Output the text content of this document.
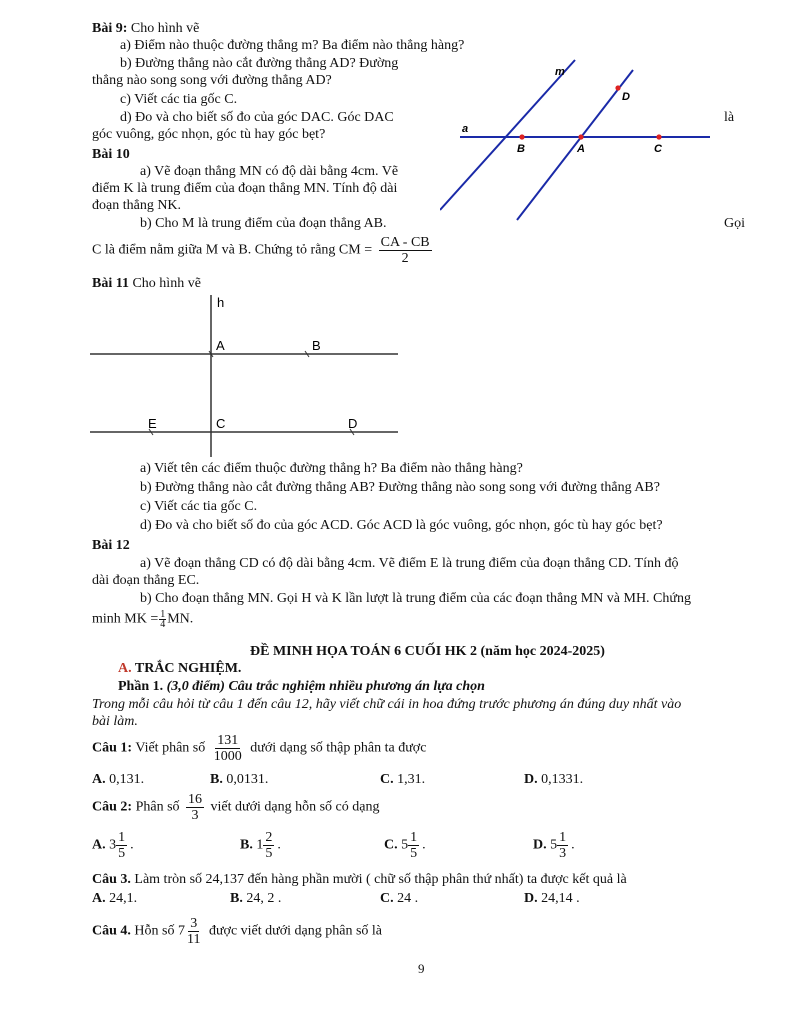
Bài 9: Cho hình vẽ
a) Điểm nào thuộc đường thẳng m? Ba điểm nào thẳng hàng?
b) Đường thẳng nào cắt đường thẳng AD? Đường
thẳng nào song song với đường thẳng AD?
c) Viết các tia gốc C.
d) Đo và cho biết số đo của góc DAC. Góc DAC	là
góc vuông, góc nhọn, góc tù hay góc bẹt?
m
a
B	A	C
D
Bài 10
a) Vẽ đoạn thẳng MN có độ dài bằng 4cm. Vẽ
điểm K là trung điểm của đoạn thẳng MN. Tính độ dài
đoạn thẳng NK.
b) Cho M là trung điểm của đoạn thẳng AB.	Gọi
C là điểm nằm giữa M và B. Chứng tỏ rằng CM = $\frac{CA - CB}{2}$
Bài 11 Cho hình vẽ
h
A	B
E	C	D
a) Viết tên các điểm thuộc đường thẳng h? Ba điểm nào thẳng hàng?
b) Đường thẳng nào cắt đường thẳng AB? Đường thẳng nào song song với đường thẳng AB?
c) Viết các tia gốc C.
d) Đo và cho biết số đo của góc ACD. Góc ACD là góc vuông, góc nhọn, góc tù hay góc bẹt?
Bài 12
a) Vẽ đoạn thẳng CD có độ dài bằng 4cm. Vẽ điểm E là trung điểm của đoạn thẳng CD. Tính độ
dài đoạn thẳng EC.
b) Cho đoạn thẳng MN. Gọi H và K lần lượt là trung điểm của các đoạn thẳng MN và MH. Chứng
minh MK = $\frac{1}{4}$ MN.
ĐỀ MINH HỌA TOÁN 6 CUỐI HK 2 (năm học 2024-2025)
A. TRẮC NGHIỆM.
Phần 1. (3,0 điểm) Câu trắc nghiệm nhiều phương án lựa chọn
Trong mỗi câu hỏi từ câu 1 đến câu 12, hãy viết chữ cái in hoa đứng trước phương án đúng duy nhất vào
bài làm.
Câu 1: Viết phân số $\frac{131}{1000}$ dưới dạng số thập phân ta được
A. 0,131.	B. 0,0131.	C. 1,31.	D. 0,1331.
Câu 2: Phân số $\frac{16}{3}$ viết dưới dạng hỗn số có dạng
A. $3 \frac{1}{5}$ .	B. $1 \frac{2}{5}$ .	C. $5 \frac{1}{5}$ .	D. $5 \frac{1}{3}$ .
Câu 3. Làm tròn số 24,137 đến hàng phần mười ( chữ số thập phân thứ nhất) ta được kết quả là
A. 24,1.	B. 24, 2 .	C. 24 .	D. 24,14 .
Câu 4. Hỗn số $7 \frac{3}{11}$ được viết dưới dạng phân số là
9
